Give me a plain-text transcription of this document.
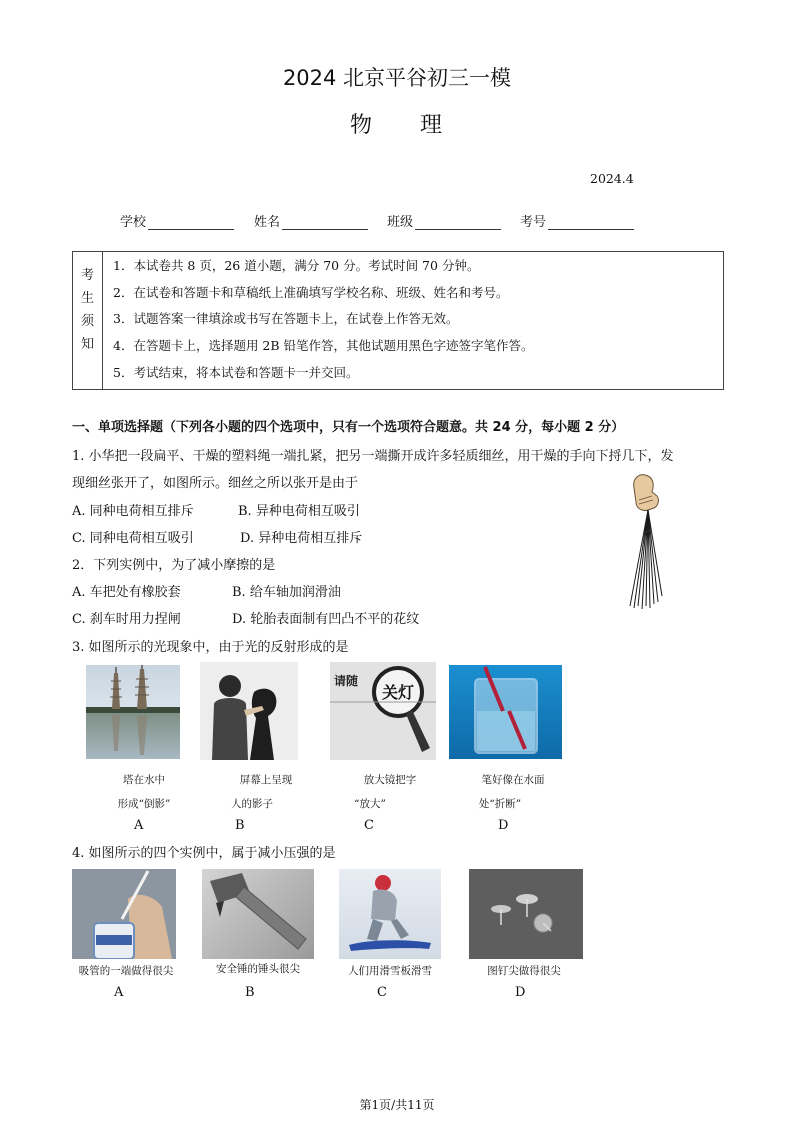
2024 北京平谷初三一模
物 理
2024.4
学校	姓名	班级	考号
考
生
须
知
1．本试卷共 8 页，26 道小题，满分 70 分。考试时间 70 分钟。
2．在试卷和答题卡和草稿纸上准确填写学校名称、班级、姓名和考号。
3．试题答案一律填涂或书写在答题卡上，在试卷上作答无效。
4．在答题卡上，选择题用 2B 铅笔作答，其他试题用黑色字迹签字笔作答。
5．考试结束，将本试卷和答题卡一并交回。
一、单项选择题（下列各小题的四个选项中，只有一个选项符合题意。共 24 分，每小题 2 分）
1. 小华把一段扁平、干燥的塑料绳一端扎紧，把另一端撕开成许多轻质细丝，用干燥的手向下捋几下，发
现细丝张开了，如图所示。细丝之所以张开是由于
A. 同种电荷相互排斥	B. 异种电荷相互吸引
C. 同种电荷相互吸引	D. 异种电荷相互排斥
2．下列实例中，为了减小摩擦的是
A. 车把处有橡胶套	B. 给车轴加润滑油
C. 刹车时用力捏闸	D. 轮胎表面制有凹凸不平的花纹
3. 如图所示的光现象中，由于光的反射形成的是
请随
关灯
塔在水中
形成“倒影”
屏幕上呈现
人的影子
放大镜把字
“放大”
笔好像在水面
处“折断”
A	B	C	D
4. 如图所示的四个实例中，属于减小压强的是
吸管的一端做得很尖	安全锤的锤头很尖	人们用滑雪板滑雪	图钉尖做得很尖
A	B	C	D
第1页/共11页
